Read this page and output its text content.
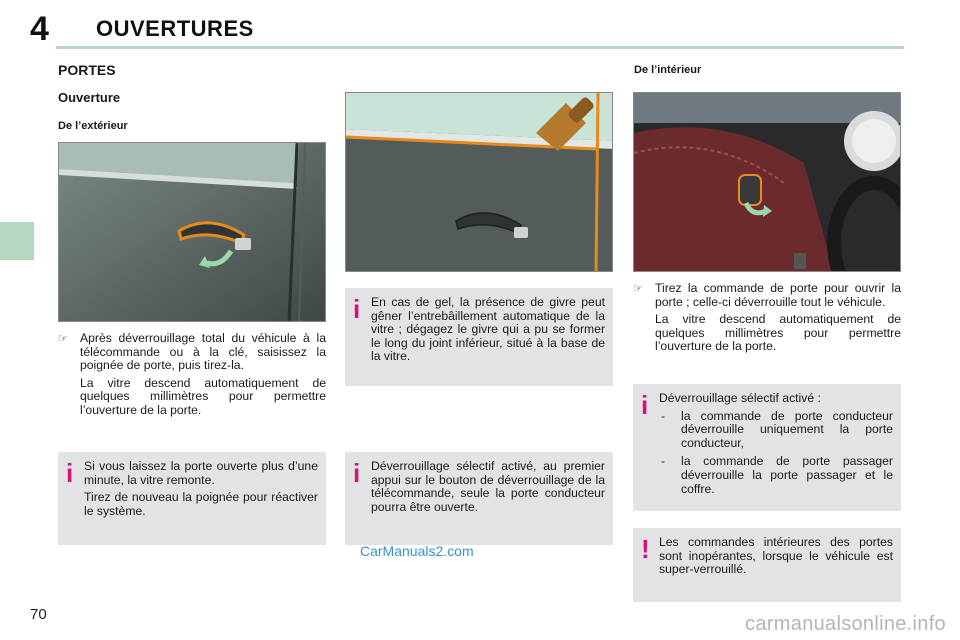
4 OUVERTURES
PORTES
Ouverture
De l’extérieur
De l’intérieur
☞ Après déverrouillage total du véhicule à la télécommande ou à la clé, saisissez la poignée de porte, puis tirez-la.

La vitre descend automatiquement de quelques millimètres pour permettre l’ouverture de la porte.

i Si vous laissez la porte ouverte plus d’une minute, la vitre remonte.

Tirez de nouveau la poignée pour réactiver le système.

i En cas de gel, la présence de givre peut gêner l’entrebâillement automatique de la vitre ; dégagez le givre qui a pu se former le long du joint inférieur, situé à la base de la vitre.

i Déverrouillage sélectif activé, au premier appui sur le bouton de déverrouillage de la télécommande, seule la porte conducteur pourra être ouverte.

☞ Tirez la commande de porte pour ouvrir la porte ; celle-ci déverrouille tout le véhicule.

La vitre descend automatiquement de quelques millimètres pour permettre l’ouverture de la porte.

i Déverrouillage sélectif activé :

-	la commande de porte conducteur déverrouille uniquement la porte conducteur,
-	la commande de porte passager déverrouille la porte passager et le coffre.
! Les commandes intérieures des portes sont inopérantes, lorsque le véhicule est super-verrouillé.

CarManuals2.com
70	carmanualsonline.info
